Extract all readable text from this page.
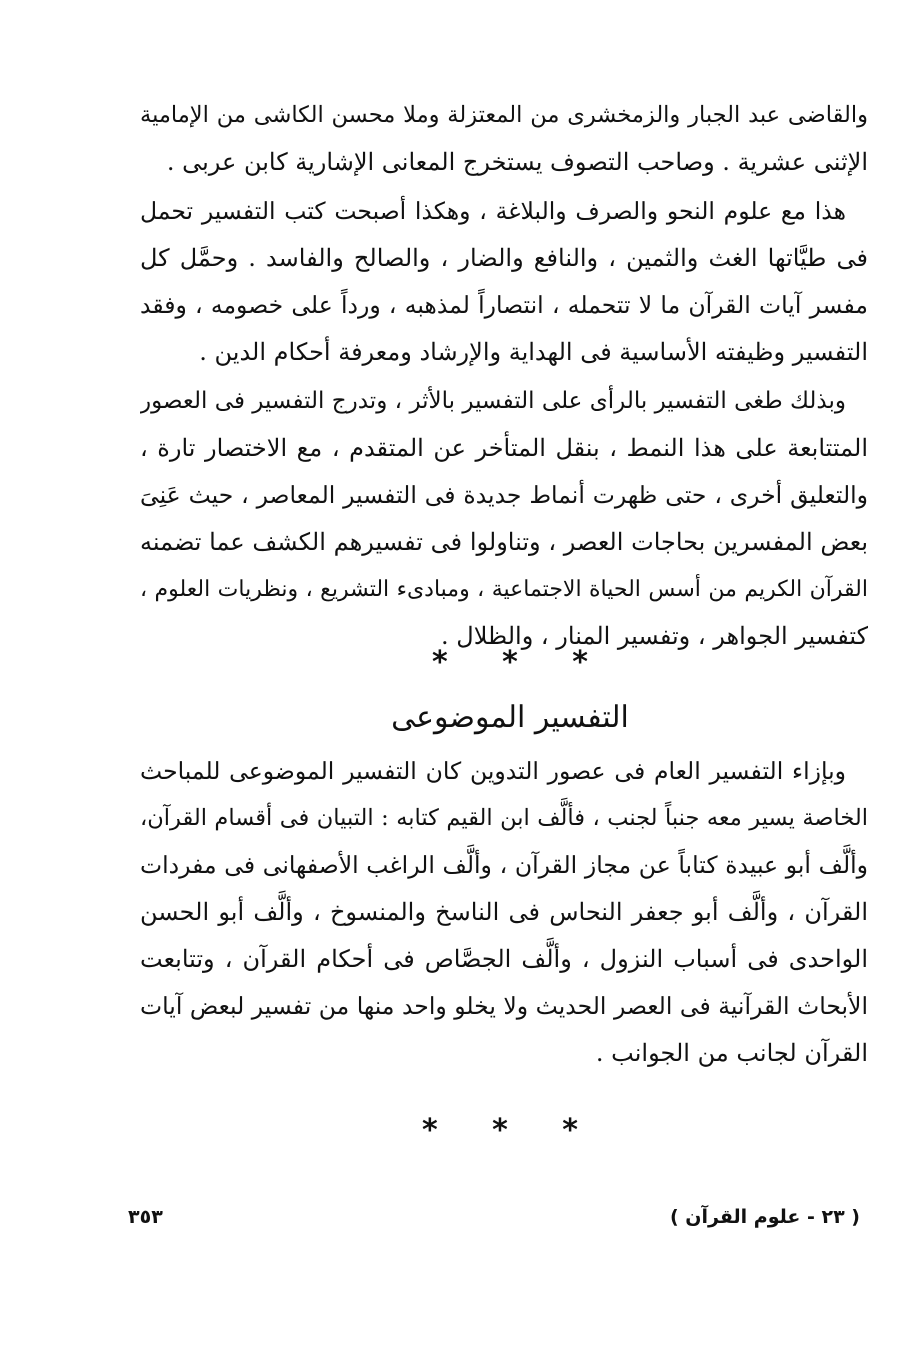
والقاضى عبد الجبار والزمخشرى من المعتزلة وملا محسن الكاشى من الإمامية
الإثنى عشرية . وصاحب التصوف يستخرج المعانى الإشارية كابن عربى .
هذا مع علوم النحو والصرف والبلاغة ، وهكذا أصبحت كتب التفسير تحمل
فى طيَّاتها الغث والثمين ، والنافع والضار ، والصالح والفاسد . وحمَّل كل
مفسر آيات القرآن ما لا تتحمله ، انتصاراً لمذهبه ، ورداً على خصومه ، وفقد
التفسير وظيفته الأساسية فى الهداية والإرشاد ومعرفة أحكام الدين .
وبذلك طغى التفسير بالرأى على التفسير بالأثر ، وتدرج التفسير فى العصور
المتتابعة على هذا النمط ، بنقل المتأخر عن المتقدم ، مع الاختصار تارة ،
والتعليق أخرى ، حتى ظهرت أنماط جديدة فى التفسير المعاصر ، حيث عَنِىَ
بعض المفسرين بحاجات العصر ، وتناولوا فى تفسيرهم الكشف عما تضمنه
القرآن الكريم من أسس الحياة الاجتماعية ، ومبادىء التشريع ، ونظريات العلوم ،
كتفسير الجواهر ، وتفسير المنار ، والظلال .
* * *
التفسير الموضوعى
وبإزاء التفسير العام فى عصور التدوين كان التفسير الموضوعى للمباحث
الخاصة يسير معه جنباً لجنب ، فألَّف ابن القيم كتابه : التبيان فى أقسام القرآن،
وألَّف أبو عبيدة كتاباً عن مجاز القرآن ، وألَّف الراغب الأصفهانى فى مفردات
القرآن ، وألَّف أبو جعفر النحاس فى الناسخ والمنسوخ ، وألَّف أبو الحسن
الواحدى فى أسباب النزول ، وألَّف الجصَّاص فى أحكام القرآن ، وتتابعت
الأبحاث القرآنية فى العصر الحديث ولا يخلو واحد منها من تفسير لبعض آيات
القرآن لجانب من الجوانب .
* * *
( ٢٣ - علوم القرآن )
٣٥٣
